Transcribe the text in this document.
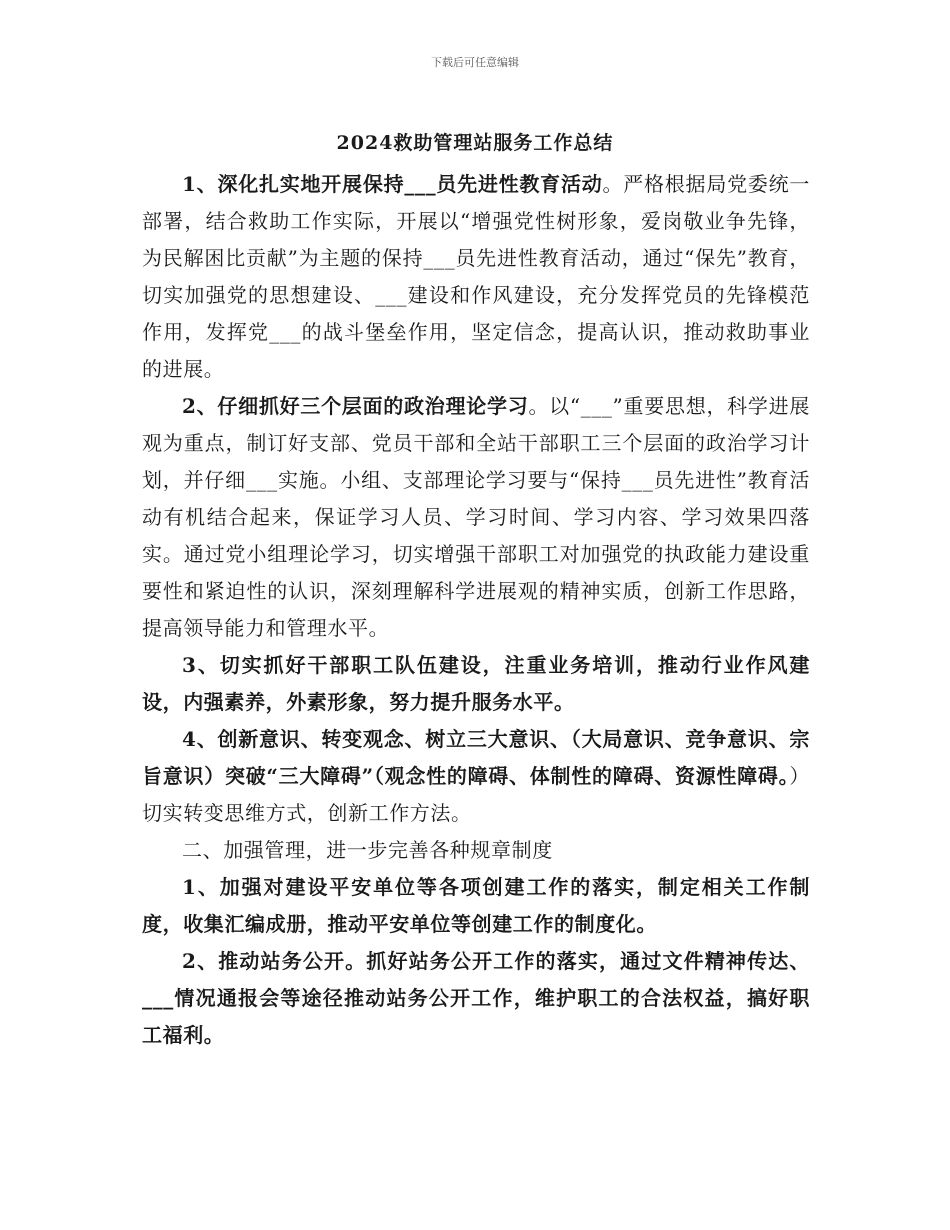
下载后可任意编辑
2024救助管理站服务工作总结

1、深化扎实地开展保持___员先进性教育活动。严格根据局党委统一部署，结合救助工作实际，开展以“增强党性树形象，爱岗敬业争先锋，为民解困比贡献”为主题的保持___员先进性教育活动，通过“保先”教育，切实加强党的思想建设、___建设和作风建设，充分发挥党员的先锋模范作用，发挥党___的战斗堡垒作用，坚定信念，提高认识，推动救助事业的进展。

2、仔细抓好三个层面的政治理论学习。以“___”重要思想，科学进展观为重点，制订好支部、党员干部和全站干部职工三个层面的政治学习计划，并仔细___实施。小组、支部理论学习要与“保持___员先进性”教育活动有机结合起来，保证学习人员、学习时间、学习内容、学习效果四落实。通过党小组理论学习，切实增强干部职工对加强党的执政能力建设重要性和紧迫性的认识，深刻理解科学进展观的精神实质，创新工作思路，提高领导能力和管理水平。

3、切实抓好干部职工队伍建设，注重业务培训，推动行业作风建设，内强素养，外素形象，努力提升服务水平。

4、创新意识、转变观念、树立三大意识、（大局意识、竞争意识、宗旨意识）突破“三大障碍”（观念性的障碍、体制性的障碍、资源性障碍。）切实转变思维方式，创新工作方法。

二、加强管理，进一步完善各种规章制度

1、加强对建设平安单位等各项创建工作的落实，制定相关工作制度，收集汇编成册，推动平安单位等创建工作的制度化。

2、推动站务公开。抓好站务公开工作的落实，通过文件精神传达、___情况通报会等途径推动站务公开工作，维护职工的合法权益，搞好职工福利。
